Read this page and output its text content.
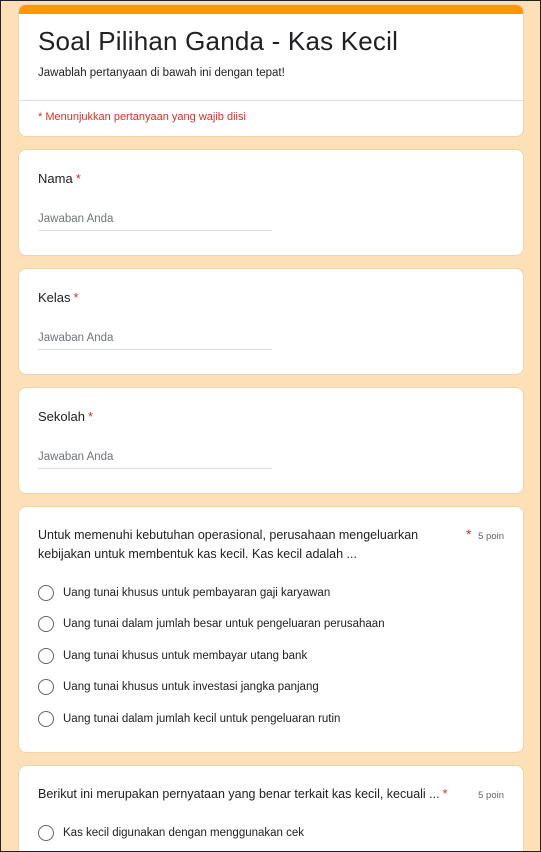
Soal Pilihan Ganda - Kas Kecil
Jawablah pertanyaan di bawah ini dengan tepat!
* Menunjukkan pertanyaan yang wajib diisi
Nama *
Jawaban Anda
Kelas *
Jawaban Anda
Sekolah *
Jawaban Anda
Untuk memenuhi kebutuhan operasional, perusahaan mengeluarkan kebijakan untuk membentuk kas kecil. Kas kecil adalah ...
* 5 poin
Uang tunai khusus untuk pembayaran gaji karyawan
Uang tunai dalam jumlah besar untuk pengeluaran perusahaan
Uang tunai khusus untuk membayar utang bank
Uang tunai khusus untuk investasi jangka panjang
Uang tunai dalam jumlah kecil untuk pengeluaran rutin
Berikut ini merupakan pernyataan yang benar terkait kas kecil, kecuali ... *	5 poin
Kas kecil digunakan dengan menggunakan cek
